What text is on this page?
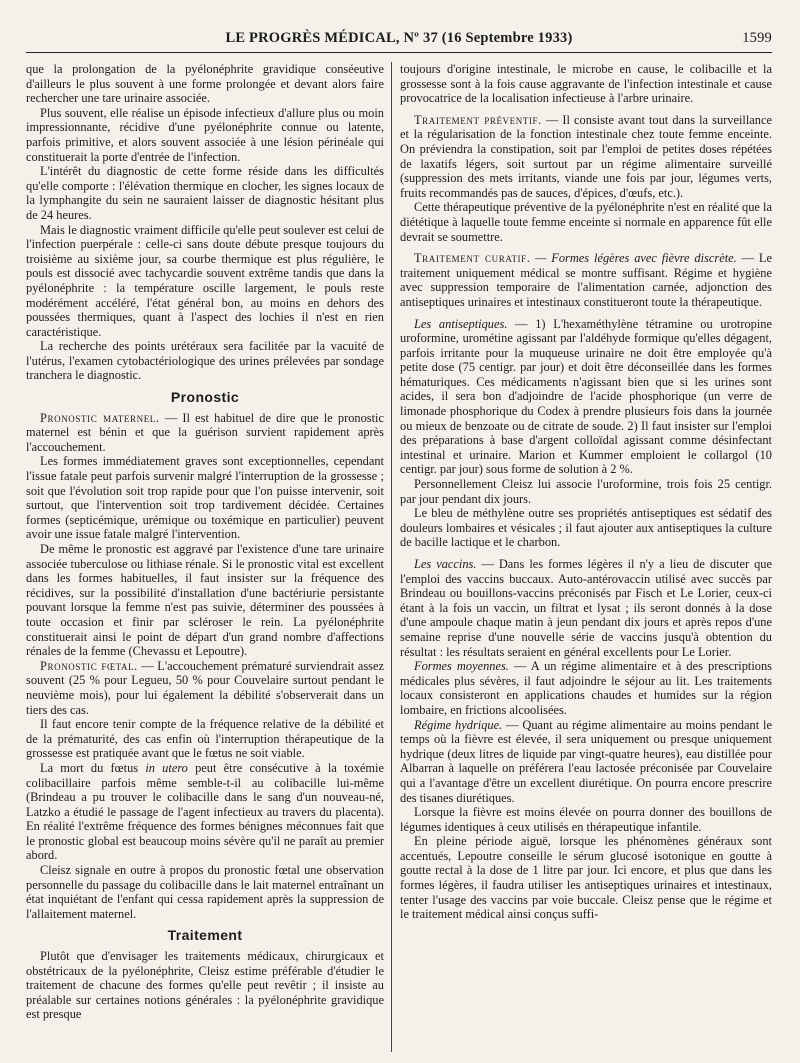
LE PROGRÈS MÉDICAL, Nº 37 (16 Septembre 1933)	1599

que la prolongation de la pyélonéphrite gravidique conséeutive d'ailleurs le plus souvent à une forme prolongée et devant alors faire rechercher une tare urinaire associée.

Plus souvent, elle réalise un épisode infectieux d'allure plus ou moin impressionnante, récidive d'une pyélonéphrite connue ou latente, parfois primitive, et alors souvent associée à une lésion périnéale qui constituerait la porte d'entrée de l'infection.

L'intérêt du diagnostic de cette forme réside dans les difficultés qu'elle comporte : l'élévation thermique en clocher, les signes locaux de la lymphangite du sein ne sauraient laisser de diagnostic hésitant plus de 24 heures.

Mais le diagnostic vraiment difficile qu'elle peut soulever est celui de l'infection puerpérale : celle-ci sans doute débute presque toujours du troisième au sixième jour, sa courbe thermique est plus régulière, le pouls est dissocié avec tachycardie souvent extrême tandis que dans la pyélonéphrite : la température oscille largement, le pouls reste modérément accéléré, l'état général bon, au moins en dehors des poussées thermiques, quant à l'aspect des lochies il n'est en rien caractéristique.

La recherche des points urétéraux sera facilitée par la vacuité de l'utérus, l'examen cytobactériologique des urines prélevées par sondage tranchera le diagnostic.

Pronostic

Pronostic maternel. — Il est habituel de dire que le pronostic maternel est bénin et que la guérison survient rapidement après l'accouchement.

Les formes immédiatement graves sont exceptionnelles, cependant l'issue fatale peut parfois survenir malgré l'interruption de la grossesse ; soit que l'évolution soit trop rapide pour que l'on puisse intervenir, soit surtout, que l'intervention soit trop tardivement décidée. Certaines formes (septicémique, urémique ou toxémique en particulier) peuvent avoir une issue fatale malgré l'intervention.

De même le pronostic est aggravé par l'existence d'une tare urinaire associée tuberculose ou lithiase rénale. Si le pronostic vital est excellent dans les formes habituelles, il faut insister sur la fréquence des récidives, sur la possibilité d'installation d'une bactériurie persistante pouvant lorsque la femme n'est pas suivie, déterminer des poussées à toute occasion et finir par scléroser le rein. La pyélonéphrite constituerait ainsi le point de départ d'un grand nombre d'affections rénales de la femme (Chevassu et Lepoutre).

Pronostic fœtal. — L'accouchement prématuré surviendrait assez souvent (25 % pour Legueu, 50 % pour Couvelaire surtout pendant le neuvième mois), pour lui également la débilité s'observerait dans un tiers des cas.

Il faut encore tenir compte de la fréquence relative de la débilité et de la prématurité, des cas enfin où l'interruption thérapeutique de la grossesse est pratiquée avant que le fœtus ne soit viable.

La mort du fœtus in utero peut être consécutive à la toxémie colibacillaire parfois même semble-t-il au colibacille lui-même (Brindeau a pu trouver le colibacille dans le sang d'un nouveau-né, Latzko a étudié le passage de l'agent infectieux au travers du placenta). En réalité l'extrême fréquence des formes bénignes méconnues fait que le pronostic global est beaucoup moins sévère qu'il ne paraît au premier abord.

Cleisz signale en outre à propos du pronostic fœtal une observation personnelle du passage du colibacille dans le lait maternel entraînant un état inquiétant de l'enfant qui cessa rapidement après la suppression de l'allaitement maternel.

Traitement

Plutôt que d'envisager les traitements médicaux, chirurgicaux et obstétricaux de la pyélonéphrite, Cleisz estime préférable d'étudier le traitement de chacune des formes qu'elle peut revêtir ; il insiste au préalable sur certaines notions générales : la pyélonéphrite gravidique est presque

toujours d'origine intestinale, le microbe en cause, le colibacille et la grossesse sont à la fois cause aggravante de l'infection intestinale et cause provocatrice de la localisation infectieuse à l'arbre urinaire.

Traitement préventif. — Il consiste avant tout dans la surveillance et la régularisation de la fonction intestinale chez toute femme enceinte. On préviendra la constipation, soit par l'emploi de petites doses répétées de laxatifs légers, soit surtout par un régime alimentaire surveillé (suppression des mets irritants, viande une fois par jour, légumes verts, fruits recommandés pas de sauces, d'épices, d'œufs, etc.).

Cette thérapeutique préventive de la pyélonéphrite n'est en réalité que la diététique à laquelle toute femme enceinte si normale en apparence fût elle devrait se soumettre.

Traitement curatif. — Formes légères avec fièvre discrète. — Le traitement uniquement médical se montre suffisant. Régime et hygiène avec suppression temporaire de l'alimentation carnée, adjonction des antiseptiques urinaires et intestinaux constitueront toute la thérapeutique.

Les antiseptiques. — 1) L'hexaméthylène tétramine ou urotropine uroformine, urométine agissant par l'aldéhyde formique qu'elles dégagent, parfois irritante pour la muqueuse urinaire ne doit être employée qu'à petite dose (75 centigr. par jour) et doit être déconseillée dans les formes hématuriques. Ces médicaments n'agissant bien que si les urines sont acides, il sera bon d'adjoindre de l'acide phosphorique (un verre de limonade phosphorique du Codex à prendre plusieurs fois dans la journée ou mieux de benzoate ou de citrate de soude. 2) Il faut insister sur l'emploi des préparations à base d'argent colloïdal agissant comme désinfectant intestinal et urinaire. Marion et Kummer emploient le collargol (10 centigr. par jour) sous forme de solution à 2 %.

Personnellement Cleisz lui associe l'uroformine, trois fois 25 centigr. par jour pendant dix jours.

Le bleu de méthylène outre ses propriétés antiseptiques est sédatif des douleurs lombaires et vésicales ; il faut ajouter aux antiseptiques la culture de bacille lactique et le charbon.

Les vaccins. — Dans les formes légères il n'y a lieu de discuter que l'emploi des vaccins buccaux. Auto-antérovaccin utilisé avec succès par Brindeau ou bouillons-vaccins préconisés par Fisch et Le Lorier, ceux-ci étant à la fois un vaccin, un filtrat et lysat ; ils seront donnés à la dose d'une ampoule chaque matin à jeun pendant dix jours et après repos d'une semaine reprise d'une nouvelle série de vaccins jusqu'à obtention du résultat : les résultats seraient en général excellents pour Le Lorier.

Formes moyennes. — A un régime alimentaire et à des prescriptions médicales plus sévères, il faut adjoindre le séjour au lit. Les traitements locaux consisteront en applications chaudes et humides sur la région lombaire, en frictions alcoolisées.

Régime hydrique. — Quant au régime alimentaire au moins pendant le temps où la fièvre est élevée, il sera uniquement ou presque uniquement hydrique (deux litres de liquide par vingt-quatre heures), eau distillée pour Albarran à laquelle on préférera l'eau lactosée préconisée par Couvelaire qui a l'avantage d'être un excellent diurétique. On pourra encore prescrire des tisanes diurétiques.

Lorsque la fièvre est moins élevée on pourra donner des bouillons de légumes identiques à ceux utilisés en thérapeutique infantile.

En pleine période aiguë, lorsque les phénomènes généraux sont accentués, Lepoutre conseille le sérum glucosé isotonique en goutte à goutte rectal à la dose de 1 litre par jour. Ici encore, et plus que dans les formes légères, il faudra utiliser les antiseptiques urinaires et intestinaux, tenter l'usage des vaccins par voie buccale. Cleisz pense que le régime et le traitement médical ainsi conçus suffi-
